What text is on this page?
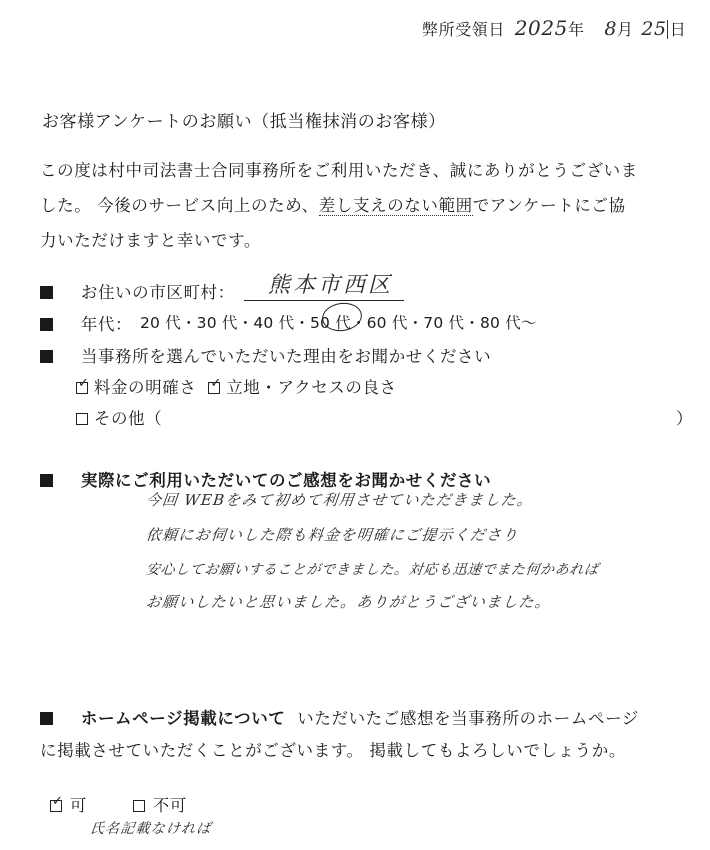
弊所受領日 2025年 8月 25 日
お客様アンケートのお願い（抵当権抹消のお客様）
この度は村中司法書士合同事務所をご利用いただき、誠にありがとうございま
した。 今後のサービス向上のため、差し支えのない範囲でアンケートにご協
力いただけますと幸いです。
お住いの市区町村： 熊本市西区
年代： 20 代・30 代・40 代・50 代・60 代・70 代・80 代〜
当事務所を選んでいただいた理由をお聞かせください
✓ 料金の明確さ ✓ 立地・アクセスの良さ
その他（	）
実際にご利用いただいてのご感想をお聞かせください
今回 WEBをみて初めて利用させていただきました。
依頼にお伺いした際も料金を明確にご提示くださり
安心してお願いすることができました。対応も迅速でまた何かあれば
お願いしたいと思いました。ありがとうございました。
ホームページ掲載について いただいたご感想を当事務所のホームページ
に掲載させていただくことがございます。 掲載してもよろしいでしょうか。
✓ 可	不可
氏名記載なければ
